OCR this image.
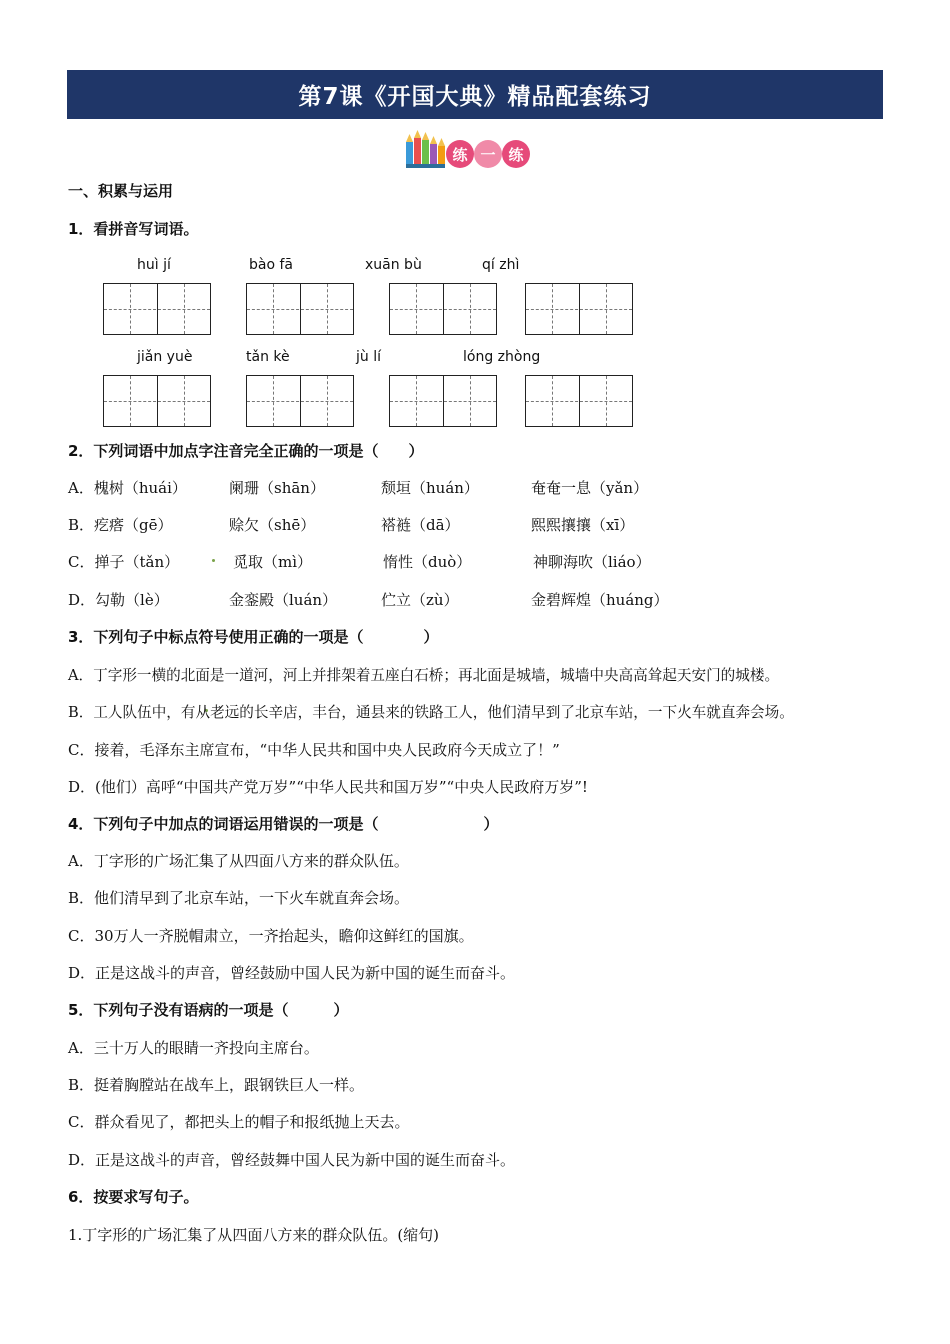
第7课《开国大典》精品配套练习
练 一 练
一、积累与运用
1．看拼音写词语。
huì jí	bào fā	xuān bù	qí zhì
jiǎn yuè	tǎn kè	jù lí	lóng zhòng
2．下列词语中加点字注音完全正确的一项是（　　）
A．槐树（huái）	阑珊（shān）	颓垣（huán）	奄奄一息（yǎn）
B．疙瘩（gē）	赊欠（shē）	褡裢（dā）	熙熙攘攘（xī）
C．掸子（tǎn）	觅取（mì）	惰性（duò）	神聊海吹（liáo）
D．勾勒（lè）	金銮殿（luán）	伫立（zù）	金碧辉煌（huáng）
3．下列句子中标点符号使用正确的一项是（　　　　）
A．丁字形一横的北面是一道河，河上并排架着五座白石桥；再北面是城墙，城墙中央高高耸起天安门的城楼。
B．工人队伍中，有从老远的长辛店，丰台，通县来的铁路工人，他们清早到了北京车站，一下火车就直奔会场。
C．接着，毛泽东主席宣布，“中华人民共和国中央人民政府今天成立了！”
D．(他们）高呼“中国共产党万岁”“中华人民共和国万岁”“中央人民政府万岁”!
4．下列句子中加点的词语运用错误的一项是（　　　　　　　）
A．丁字形的广场汇集了从四面八方来的群众队伍。
B．他们清早到了北京车站，一下火车就直奔会场。
C．30万人一齐脱帽肃立，一齐抬起头，瞻仰这鲜红的国旗。
D．正是这战斗的声音，曾经鼓励中国人民为新中国的诞生而奋斗。
5．下列句子没有语病的一项是（　　　）
A．三十万人的眼睛一齐投向主席台。
B．挺着胸膛站在战车上，跟钢铁巨人一样。
C．群众看见了，都把头上的帽子和报纸抛上天去。
D．正是这战斗的声音，曾经鼓舞中国人民为新中国的诞生而奋斗。
6．按要求写句子。
1.丁字形的广场汇集了从四面八方来的群众队伍。(缩句)
